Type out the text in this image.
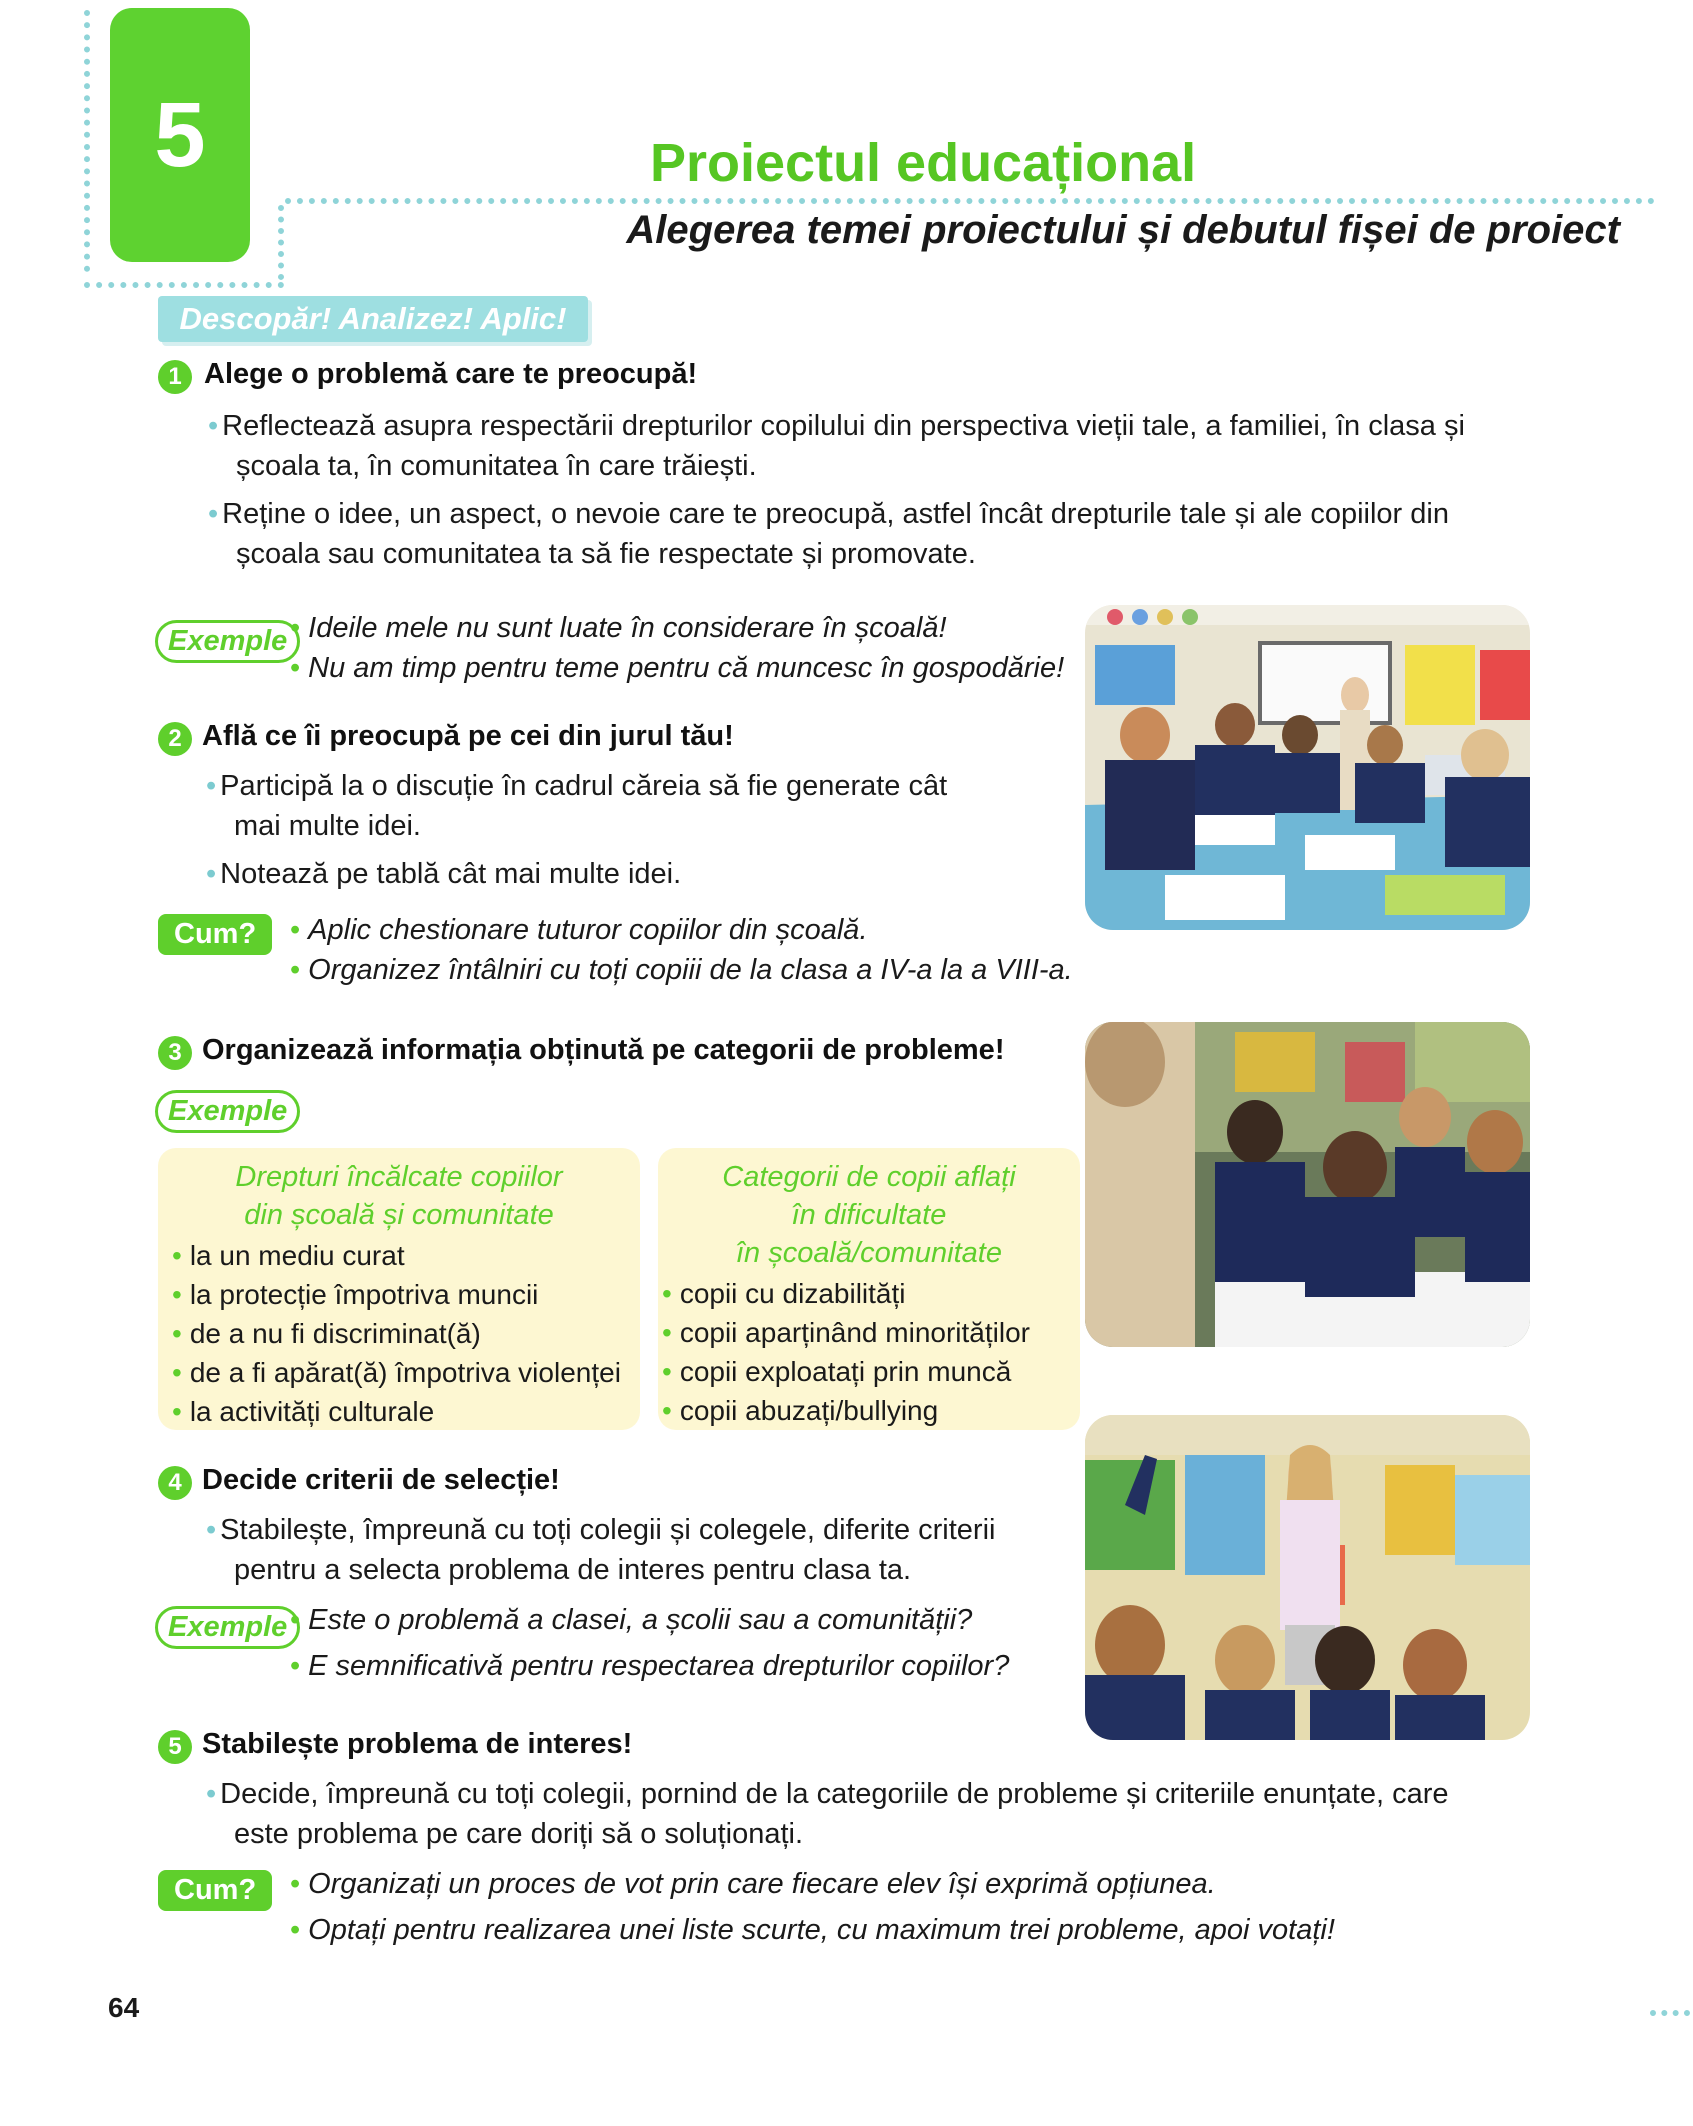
5	Proiectul educațional
Alegerea temei proiectului și debutul fișei de proiect
Descopăr! Analizez! Aplic!
1 Alege o problemă care te preocupă!
• Reflectează asupra respectării drepturilor copilului din perspectiva vieții tale, a familiei, în clasa și
școala ta, în comunitatea în care trăiești.
• Reține o idee, un aspect, o nevoie care te preocupă, astfel încât drepturile tale și ale copiilor din
școala sau comunitatea ta să fie respectate și promovate.
Exemple • Ideile mele nu sunt luate în considerare în școală!
• Nu am timp pentru teme pentru că muncesc în gospodărie!
2 Află ce îi preocupă pe cei din jurul tău!
• Participă la o discuție în cadrul căreia să fie generate cât
mai multe idei.
• Notează pe tablă cât mai multe idei.
Cum?	• Aplic chestionare tuturor copiilor din școală.
• Organizez întâlniri cu toți copiii de la clasa a IV-a la a VIII-a.
3 Organizează informația obținută pe categorii de probleme!
Exemple
Drepturi încălcate copiilor
din școală și comunitate
• la un mediu curat
• la protecție împotriva muncii
• de a nu fi discriminat(ă)
• de a fi apărat(ă) împotriva violenței
• la activități culturale
Categorii de copii aflați
în dificultate
în școală/comunitate
• copii cu dizabilități
• copii aparținând minorităților
• copii exploatați prin muncă
• copii abuzați/bullying
4 Decide criterii de selecție!
• Stabilește, împreună cu toți colegii și colegele, diferite criterii
pentru a selecta problema de interes pentru clasa ta.
Exemple • Este o problemă a clasei, a școlii sau a comunității?
• E semnificativă pentru respectarea drepturilor copiilor?
5 Stabilește problema de interes!
• Decide, împreună cu toți colegii, pornind de la categoriile de probleme și criteriile enunțate, care
este problema pe care doriți să o soluționați.
Cum?	• Organizați un proces de vot prin care fiecare elev își exprimă opțiunea.
• Optați pentru realizarea unei liste scurte, cu maximum trei probleme, apoi votați!
64
